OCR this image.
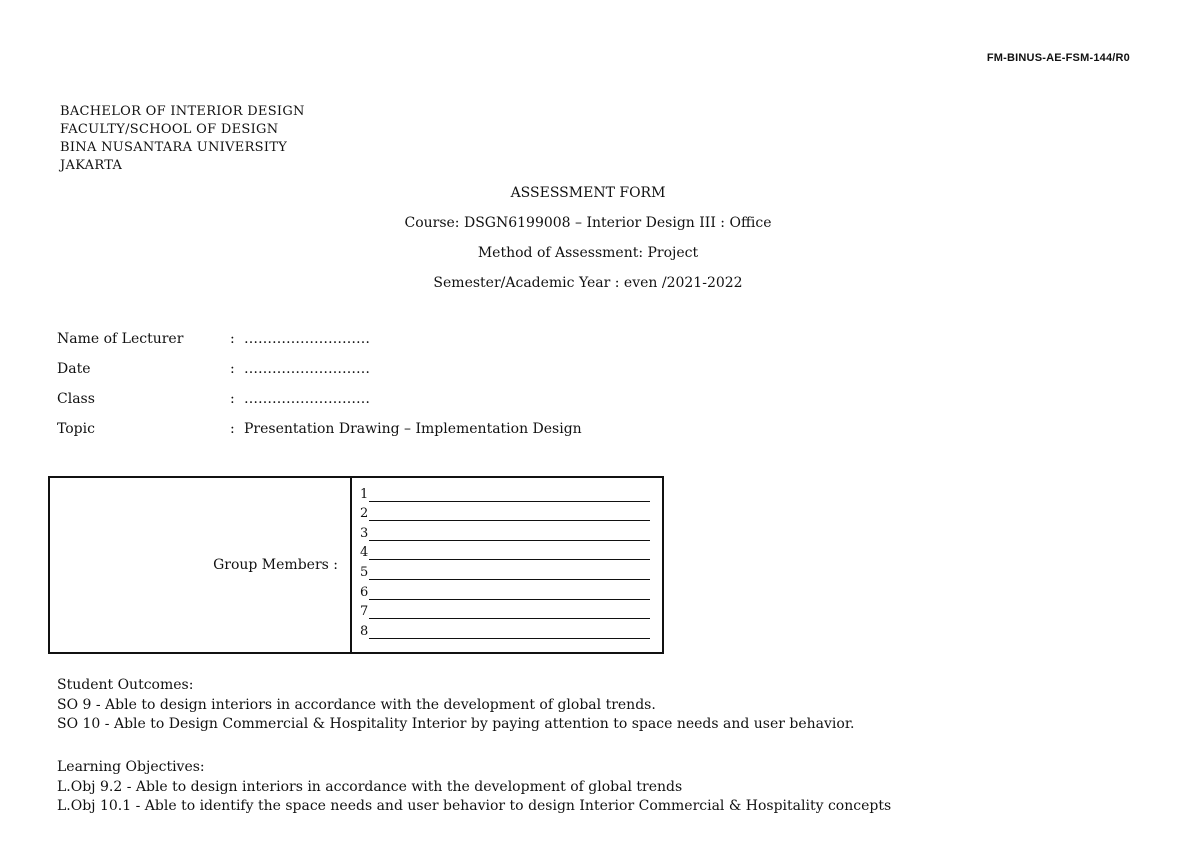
FM-BINUS-AE-FSM-144/R0
BACHELOR OF INTERIOR DESIGN
FACULTY/SCHOOL OF DESIGN
BINA NUSANTARA UNIVERSITY
JAKARTA
ASSESSMENT FORM
Course: DSGN6199008 – Interior Design III : Office
Method of Assessment: Project
Semester/Academic Year : even /2021-2022
Name of Lecturer	: ………………………
Date	: ………………………
Class	: ………………………
Topic	: Presentation Drawing – Implementation Design
Group Members :
1
2
3
4
5
6
7
8
Student Outcomes:
SO 9 - Able to design interiors in accordance with the development of global trends.
SO 10 - Able to Design Commercial & Hospitality Interior by paying attention to space needs and user behavior.
Learning Objectives:
L.Obj 9.2 - Able to design interiors in accordance with the development of global trends
L.Obj 10.1 - Able to identify the space needs and user behavior to design Interior Commercial & Hospitality concepts
